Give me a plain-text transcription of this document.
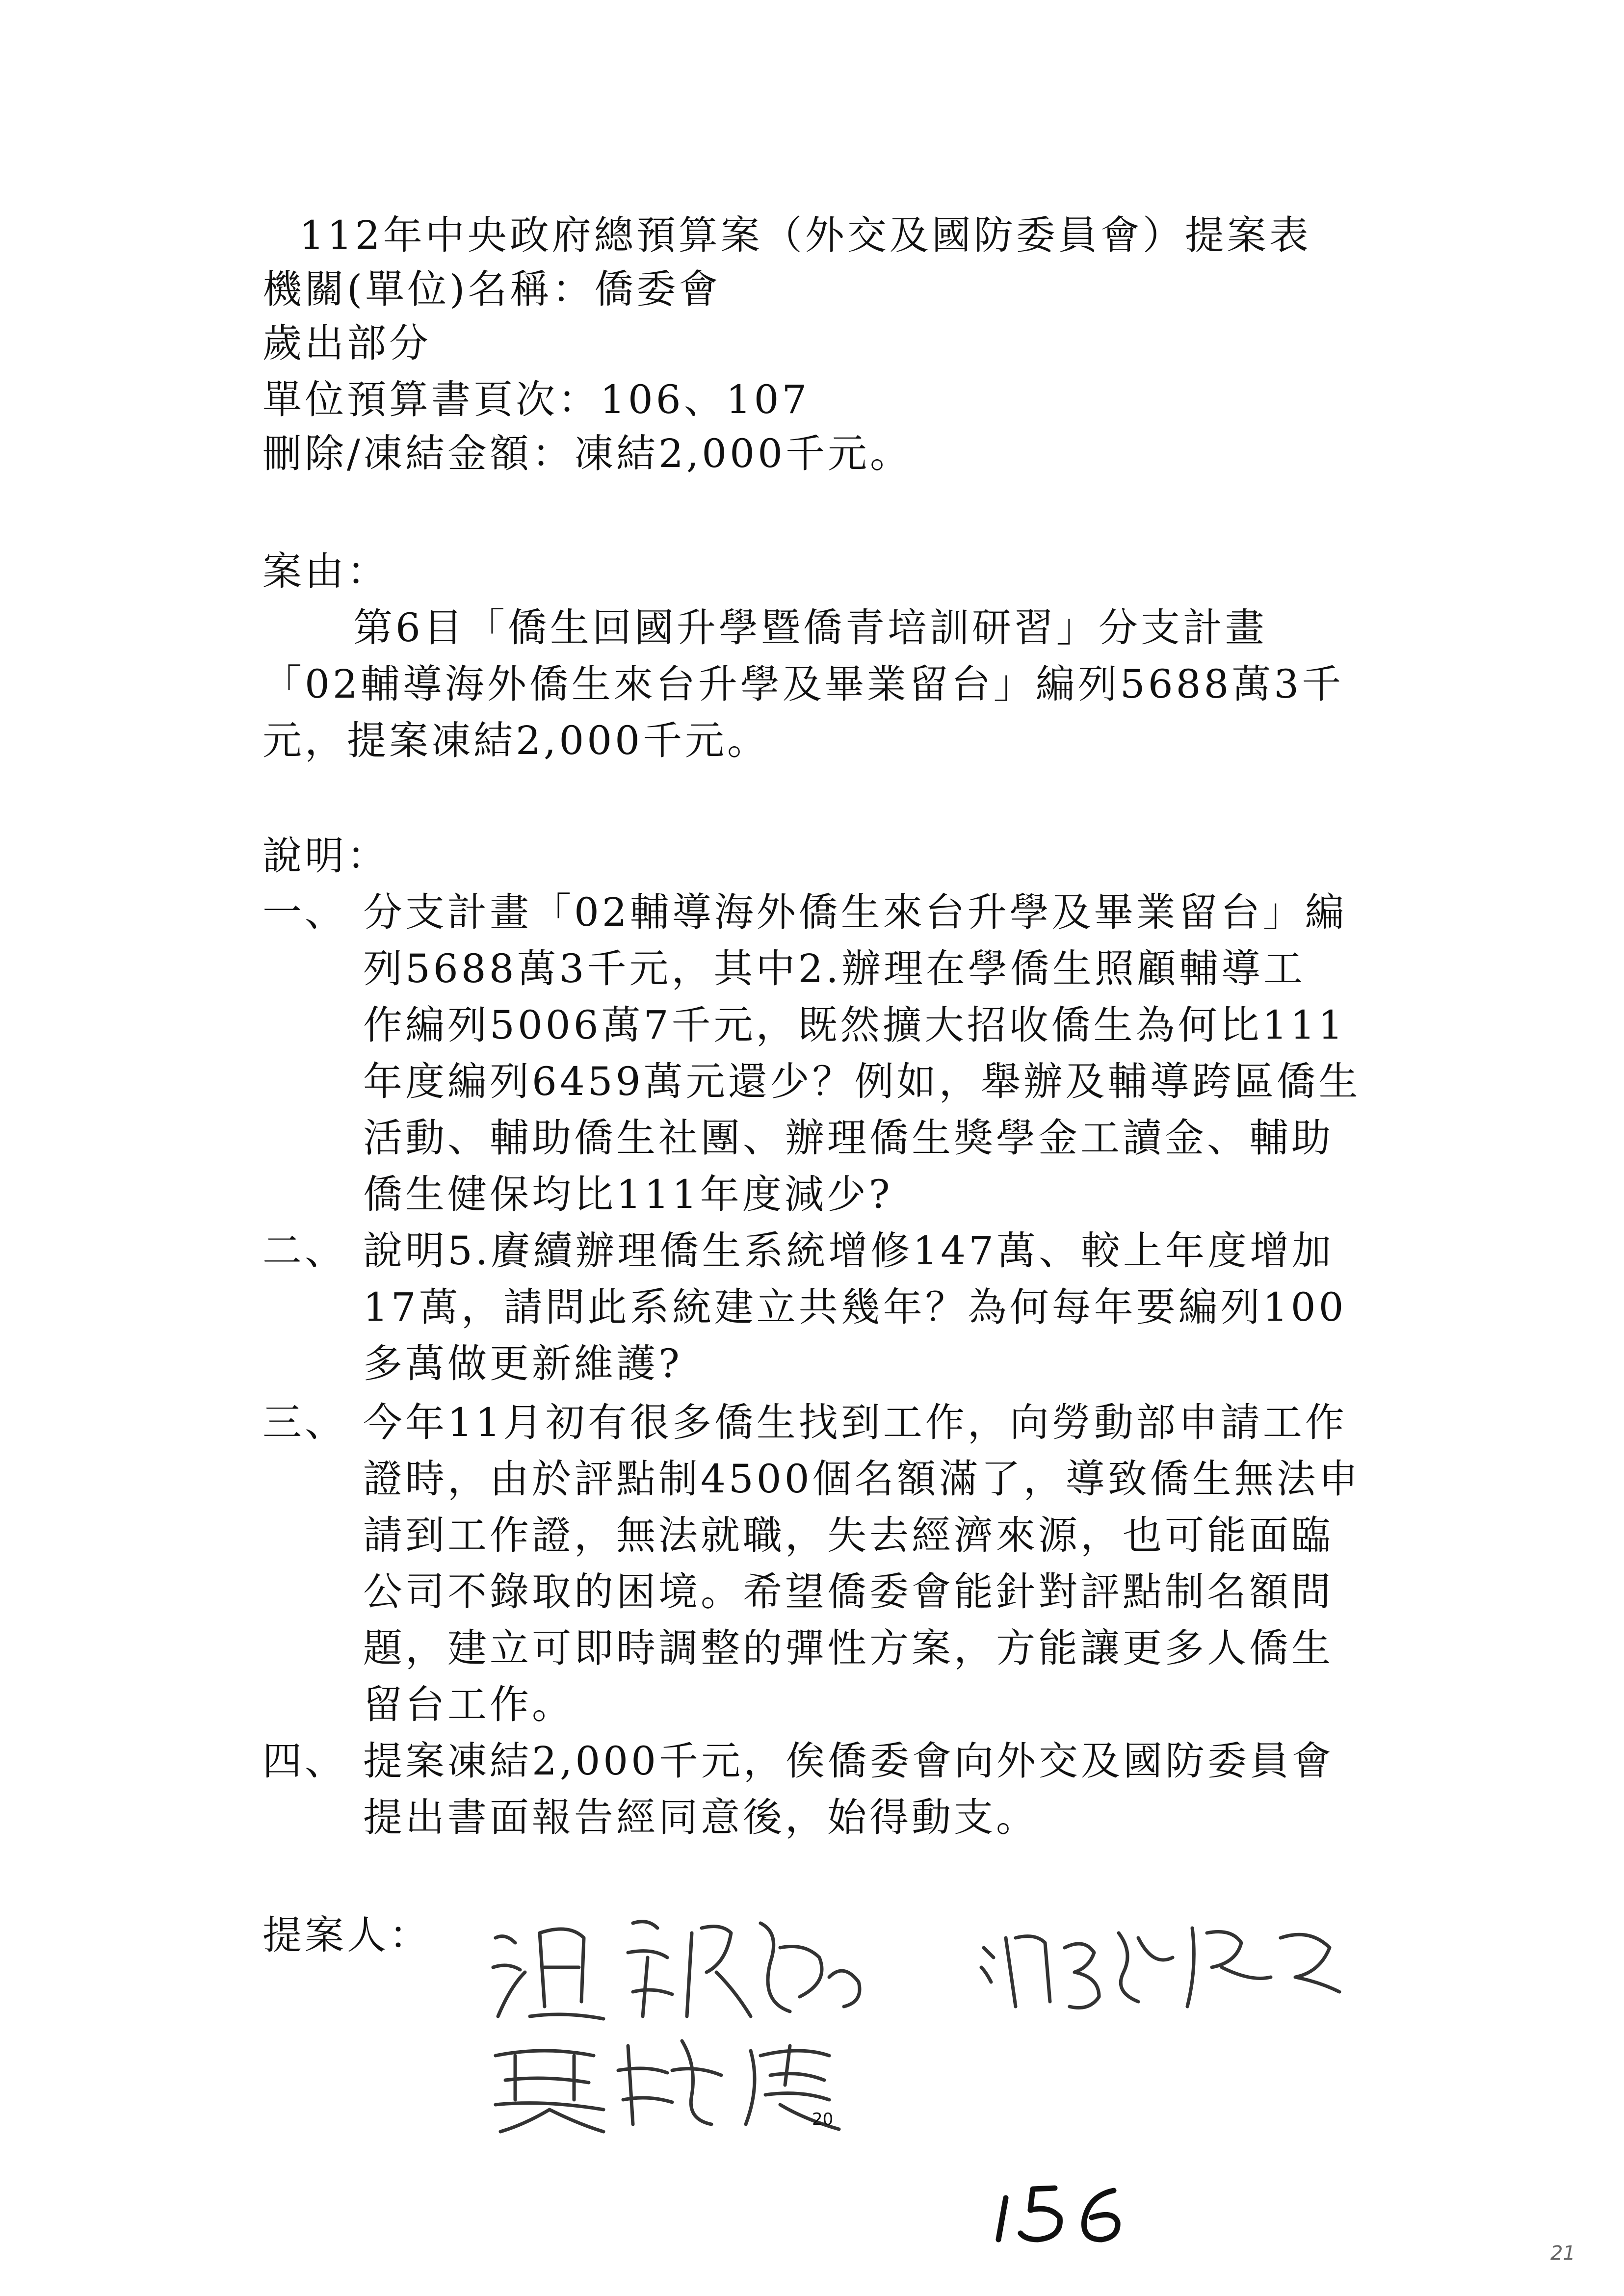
112年中央政府總預算案（外交及國防委員會）提案表
機關(單位)名稱：僑委會
歲出部分
單位預算書頁次：106、107
刪除/凍結金額：凍結2,000千元。
案由：
第6目「僑生回國升學暨僑青培訓研習」分支計畫
「02輔導海外僑生來台升學及畢業留台」編列5688萬3千
元，提案凍結2,000千元。
說明：
一、 分支計畫「02輔導海外僑生來台升學及畢業留台」編
列5688萬3千元，其中2.辦理在學僑生照顧輔導工
作編列5006萬7千元，既然擴大招收僑生為何比111
年度編列6459萬元還少？例如，舉辦及輔導跨區僑生
活動、輔助僑生社團、辦理僑生獎學金工讀金、輔助
僑生健保均比111年度減少?
二、 說明5.賡續辦理僑生系統增修147萬、較上年度增加
17萬，請問此系統建立共幾年？為何每年要編列100
多萬做更新維護?
三、 今年11月初有很多僑生找到工作，向勞動部申請工作
證時，由於評點制4500個名額滿了，導致僑生無法申
請到工作證，無法就職，失去經濟來源，也可能面臨
公司不錄取的困境。希望僑委會能針對評點制名額問
題，建立可即時調整的彈性方案，方能讓更多人僑生
留台工作。
四、 提案凍結2,000千元，俟僑委會向外交及國防委員會
提出書面報告經同意後，始得動支。
提案人：
20
21
